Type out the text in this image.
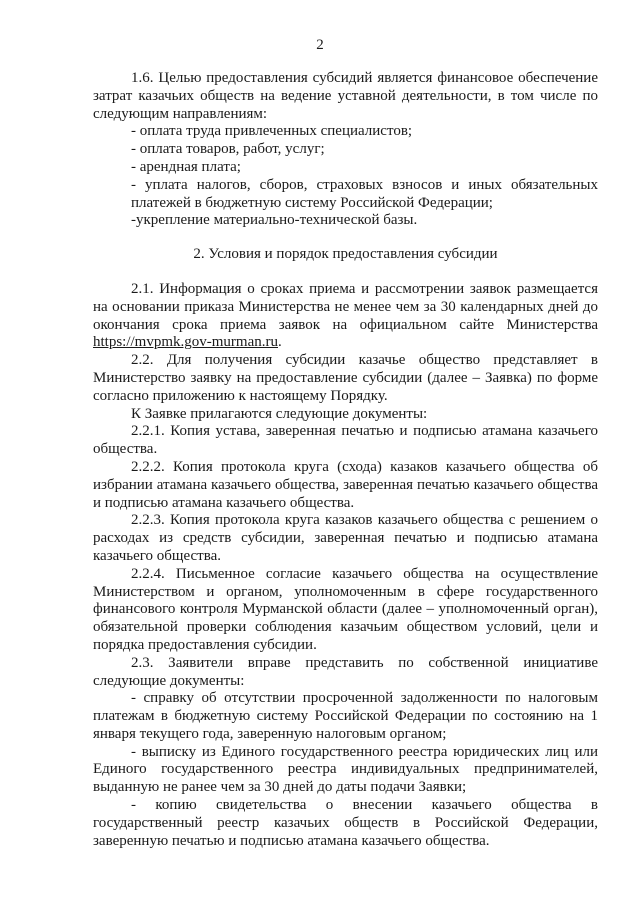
2

1.6. Целью предоставления субсидий является финансовое обеспечение затрат казачьих обществ на ведение уставной деятельности, в том числе по следующим направлениям:

- оплата труда привлеченных специалистов;

- оплата товаров, работ, услуг;

- арендная плата;

- уплата налогов, сборов, страховых взносов и иных обязательных платежей в бюджетную систему Российской Федерации;

-укрепление материально-технической базы.

2. Условия и порядок предоставления субсидии

2.1. Информация о сроках приема и рассмотрении заявок размещается на основании приказа Министерства не менее чем за 30 календарных дней до окончания срока приема заявок на официальном сайте Министерства https://mvpmk.gov-murman.ru.

2.2. Для получения субсидии казачье общество представляет в Министерство заявку на предоставление субсидии (далее – Заявка) по форме согласно приложению к настоящему Порядку.

К Заявке прилагаются следующие документы:

2.2.1. Копия устава, заверенная печатью и подписью атамана казачьего общества.

2.2.2. Копия протокола круга (схода) казаков казачьего общества об избрании атамана казачьего общества, заверенная печатью казачьего общества и подписью атамана казачьего общества.

2.2.3. Копия протокола круга казаков казачьего общества с решением о расходах из средств субсидии, заверенная печатью и подписью атамана казачьего общества.

2.2.4. Письменное согласие казачьего общества на осуществление Министерством и органом, уполномоченным в сфере государственного финансового контроля Мурманской области (далее – уполномоченный орган), обязательной проверки соблюдения казачьим обществом условий, цели и порядка предоставления субсидии.

2.3. Заявители вправе представить по собственной инициативе следующие документы:

- справку об отсутствии просроченной задолженности по налоговым платежам в бюджетную систему Российской Федерации по состоянию на 1 января текущего года, заверенную налоговым органом;

- выписку из Единого государственного реестра юридических лиц или Единого государственного реестра индивидуальных предпринимателей, выданную не ранее чем за 30 дней до даты подачи Заявки;

- копию свидетельства о внесении казачьего общества в государственный реестр казачьих обществ в Российской Федерации, заверенную печатью и подписью атамана казачьего общества.
